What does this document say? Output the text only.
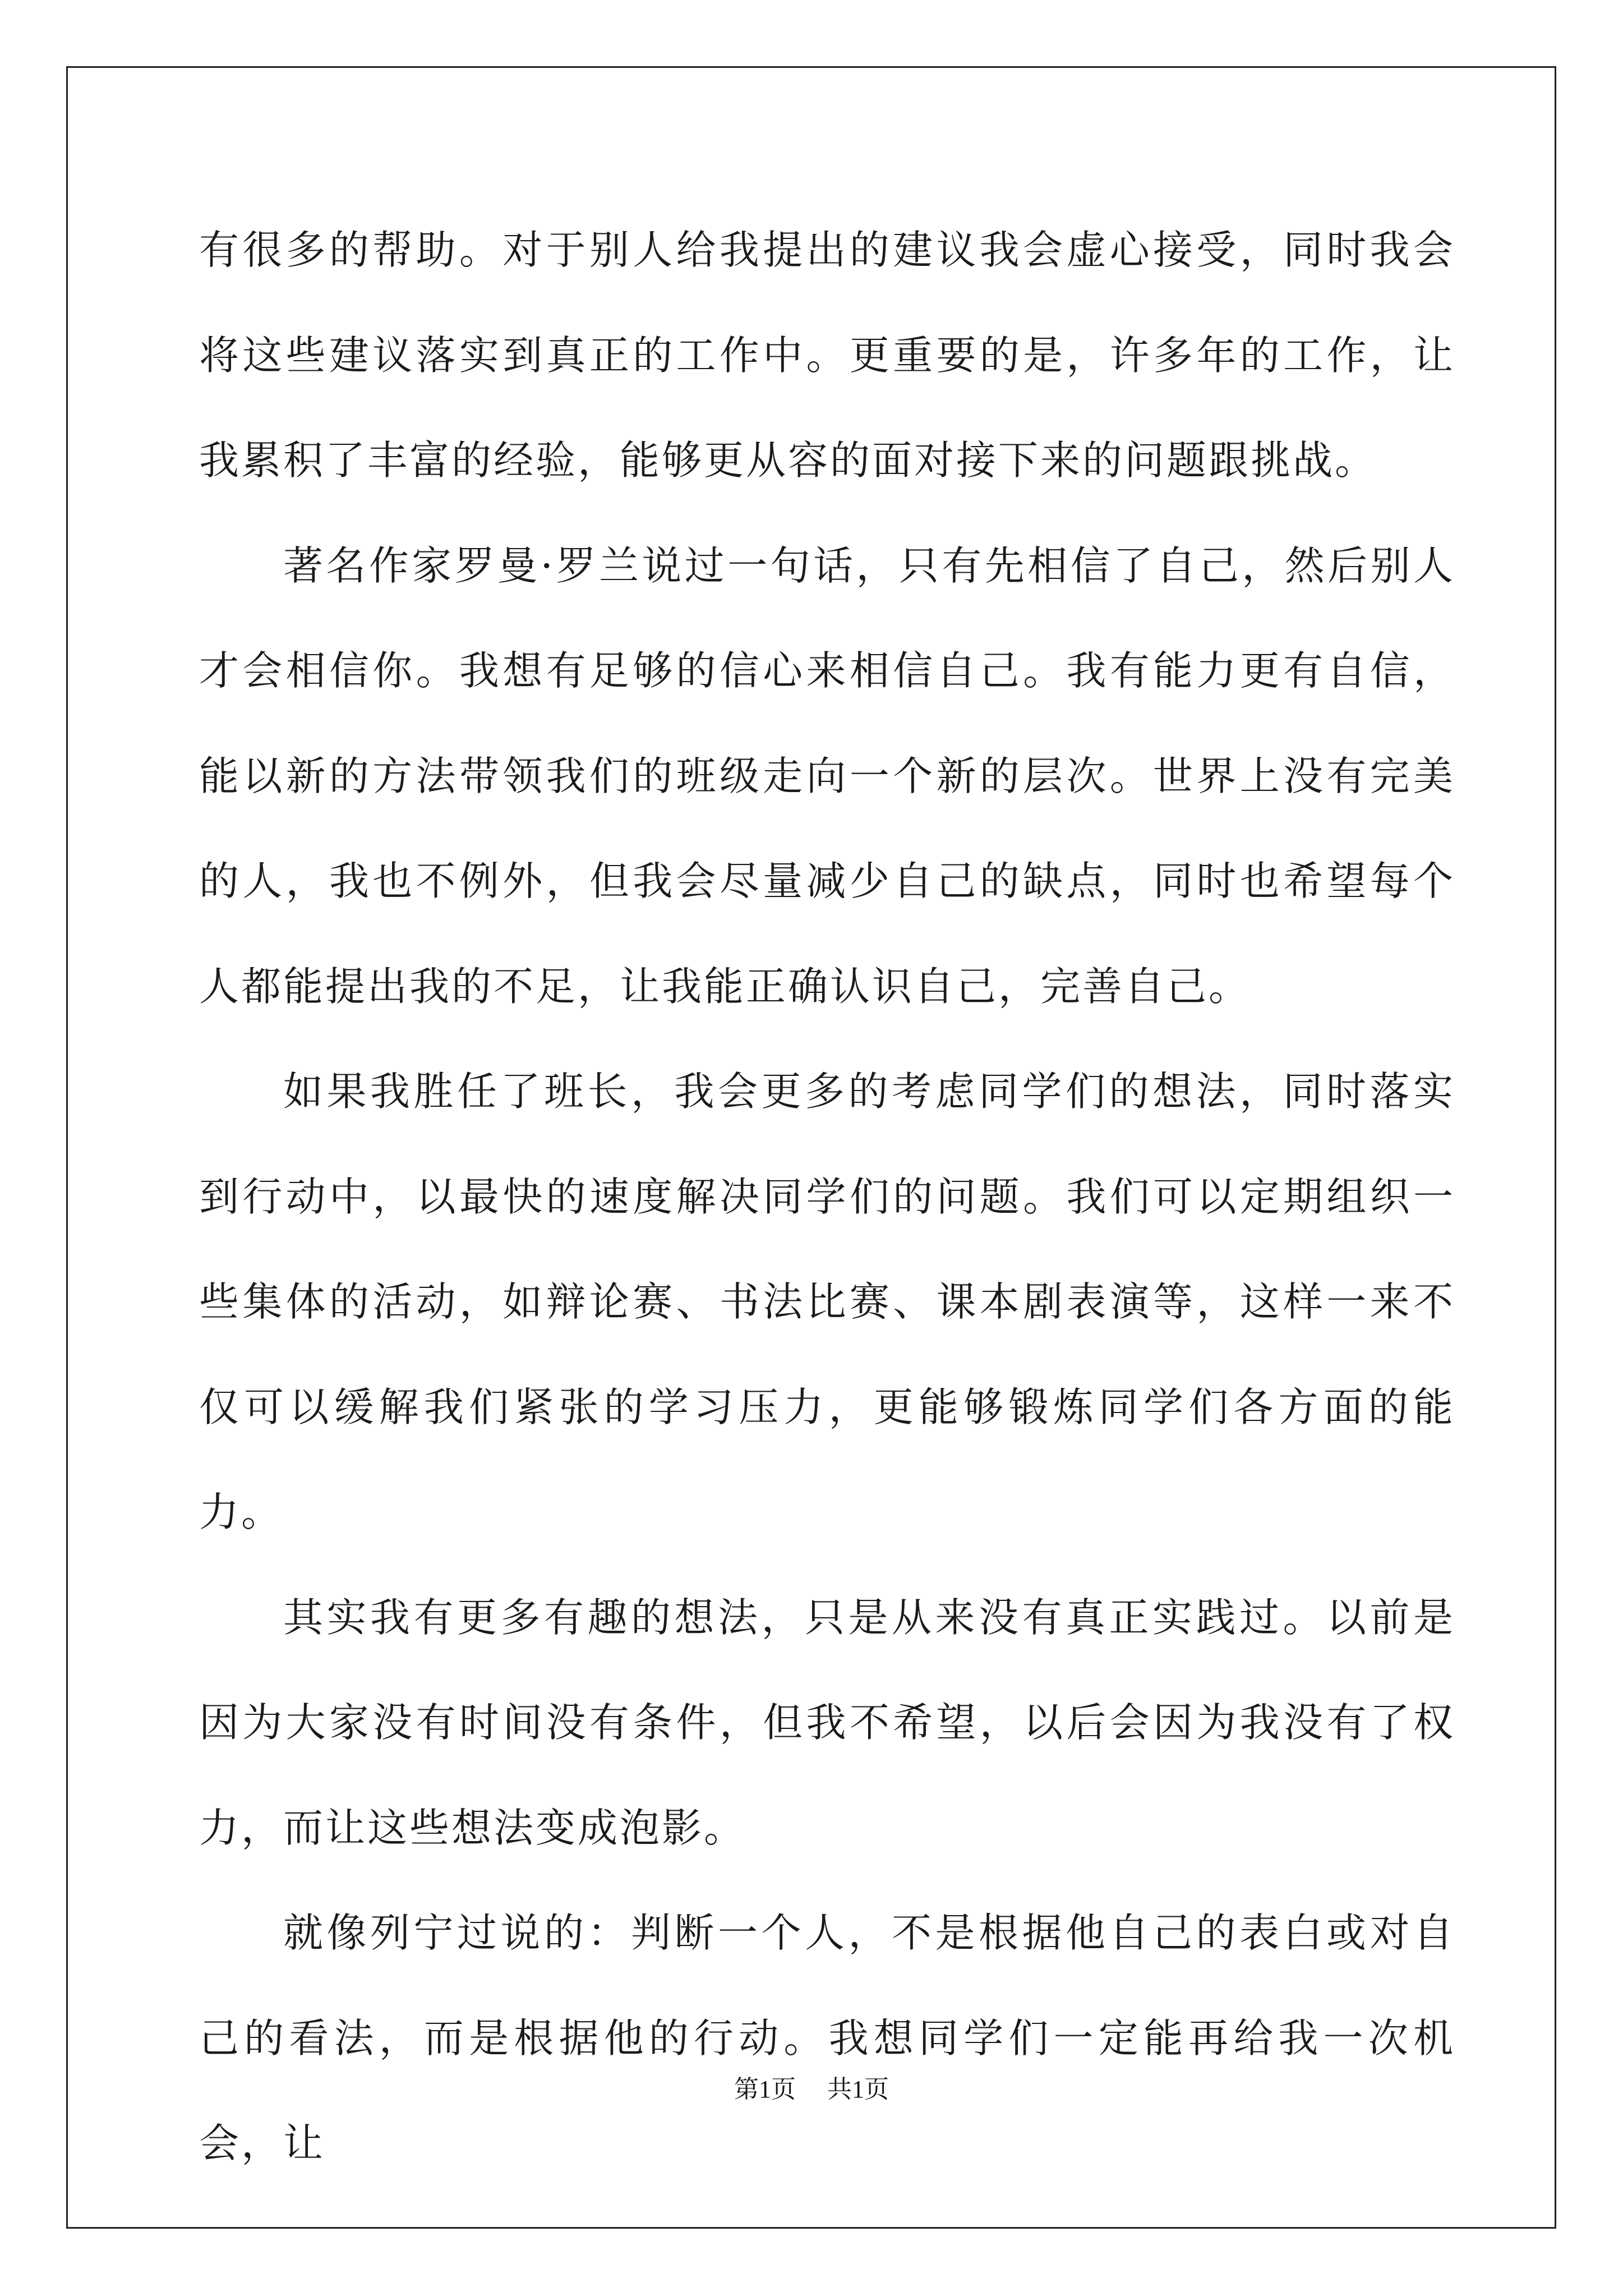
有很多的帮助。对于别人给我提出的建议我会虚心接受，同时我会将这些建议落实到真正的工作中。更重要的是，许多年的工作，让我累积了丰富的经验，能够更从容的面对接下来的问题跟挑战。

著名作家罗曼·罗兰说过一句话，只有先相信了自己，然后别人才会相信你。我想有足够的信心来相信自己。我有能力更有自信，能以新的方法带领我们的班级走向一个新的层次。世界上没有完美的人，我也不例外，但我会尽量减少自己的缺点，同时也希望每个人都能提出我的不足，让我能正确认识自己，完善自己。

如果我胜任了班长，我会更多的考虑同学们的想法，同时落实到行动中，以最快的速度解决同学们的问题。我们可以定期组织一些集体的活动，如辩论赛、书法比赛、课本剧表演等，这样一来不仅可以缓解我们紧张的学习压力，更能够锻炼同学们各方面的能力。

其实我有更多有趣的想法，只是从来没有真正实践过。以前是因为大家没有时间没有条件，但我不希望，以后会因为我没有了权力，而让这些想法变成泡影。

就像列宁过说的：判断一个人，不是根据他自己的表白或对自己的看法，而是根据他的行动。我想同学们一定能再给我一次机会，让

第1页 共1页
